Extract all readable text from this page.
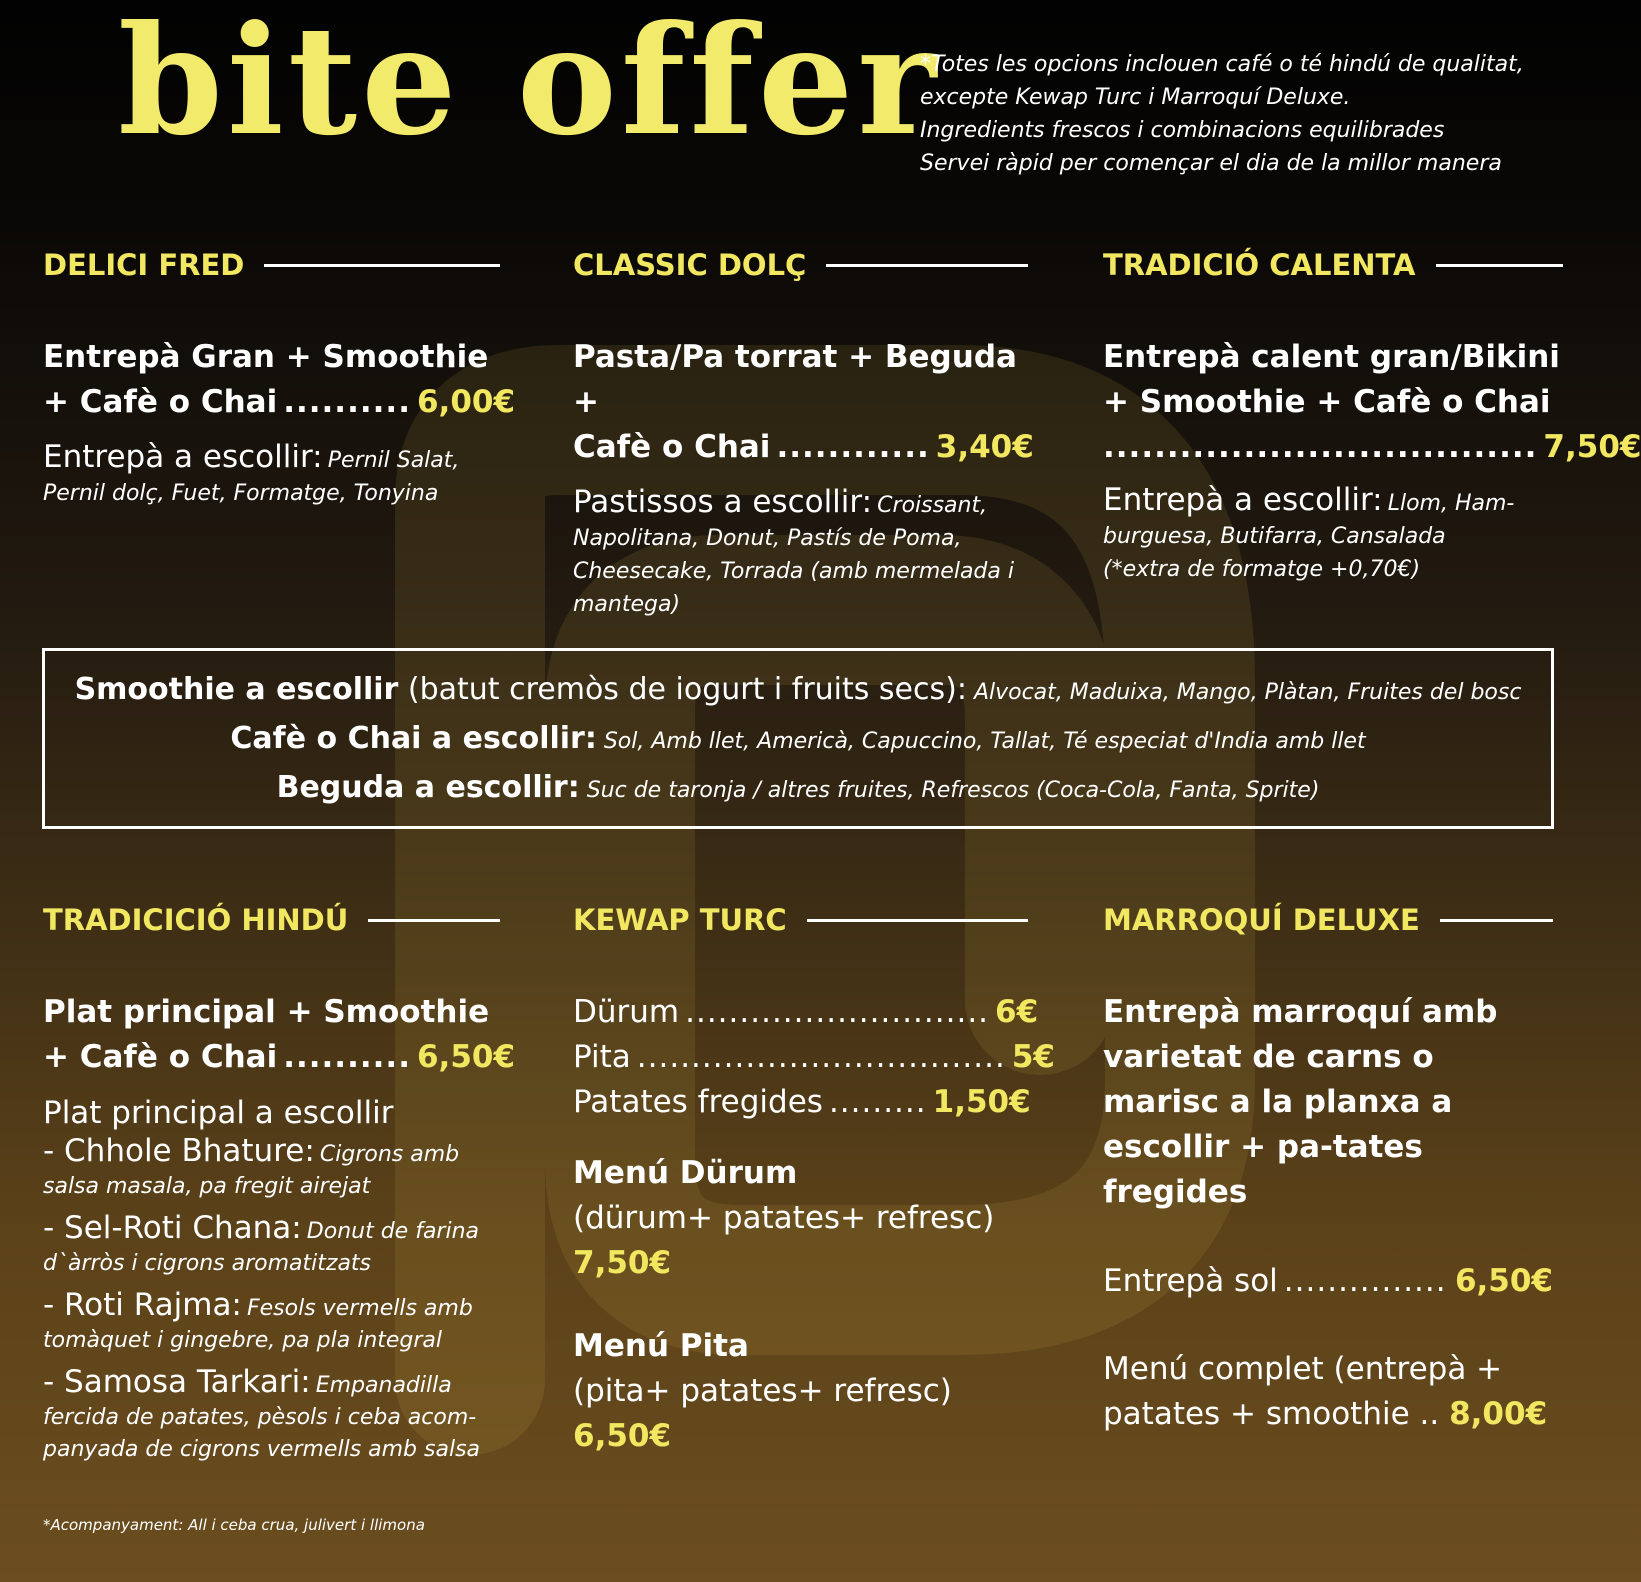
bite offer
*Totes les opcions inclouen café o té hindú de qualitat,
excepte Kewap Turc i Marroquí Deluxe.
Ingredients frescos i combinacions equilibrades
Servei ràpid per començar el dia de la millor manera
DELICI FRED
Entrepà Gran + Smoothie
+ Cafè o Chai .......... 6,00€
Entrepà a escollir: Pernil Salat, Pernil dolç, Fuet, Formatge, Tonyina
CLASSIC DOLÇ
Pasta/Pa torrat + Beguda +
Cafè o Chai ............ 3,40€
Pastissos a escollir: Croissant, Napolitana, Donut, Pastís de Poma, Cheesecake, Torrada (amb mermelada i mantega)
TRADICIÓ CALENTA
Entrepà calent gran/Bikini
+ Smoothie + Cafè o Chai
.................................. 7,50€
Entrepà a escollir: Llom, Ham-burguesa, Butifarra, Cansalada
(*extra de formatge +0,70€)
Smoothie a escollir (batut cremòs de iogurt i fruits secs): Alvocat, Maduixa, Mango, Plàtan, Fruites del bosc
Cafè o Chai a escollir: Sol, Amb llet, Americà, Capuccino, Tallat, Té especiat d'India amb llet
Beguda a escollir: Suc de taronja / altres fruites, Refrescos (Coca-Cola, Fanta, Sprite)
TRADICICIÓ HINDÚ
Plat principal + Smoothie
+ Cafè o Chai .......... 6,50€
Plat principal a escollir

- Chhole Bhature: Cigrons amb salsa masala, pa fregit airejat

- Sel-Roti Chana: Donut de farina d`àrròs i cigrons aromatitzats

- Roti Rajma: Fesols vermells amb tomàquet i gingebre, pa pla integral

- Samosa Tarkari: Empanadilla fercida de patates, pèsols i ceba acom-panyada de cigrons vermells amb salsa

*Acompanyament: All i ceba crua, julivert i llimona
KEWAP TURC
Dürum ............................ 6€
Pita .................................. 5€
Patates fregides ......... 1,50€
Menú Dürum
(dürum+ patates+ refresc)
7,50€
Menú Pita
(pita+ patates+ refresc)
6,50€
MARROQUÍ DELUXE
Entrepà marroquí amb varietat de carns o marisc a la planxa a escollir + pa-tates fregides
Entrepà sol ............... 6,50€
Menú complet (entrepà +
patates + smoothie .. 8,00€
